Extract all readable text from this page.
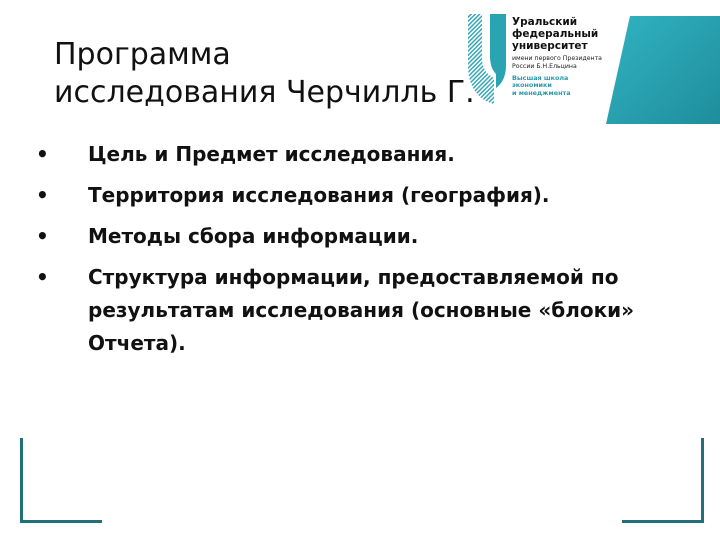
Уральский
федеральный
университет
имени первого Президента
России Б.Н.Ельцина
Высшая школа
экономики
и менеджмента
Программа
исследования Черчилль Г.
• Цель и Предмет исследования.
• Территория исследования (география).
• Методы сбора информации.
• Структура информации, предоставляемой по результатам исследования (основные «блоки» Отчета).
